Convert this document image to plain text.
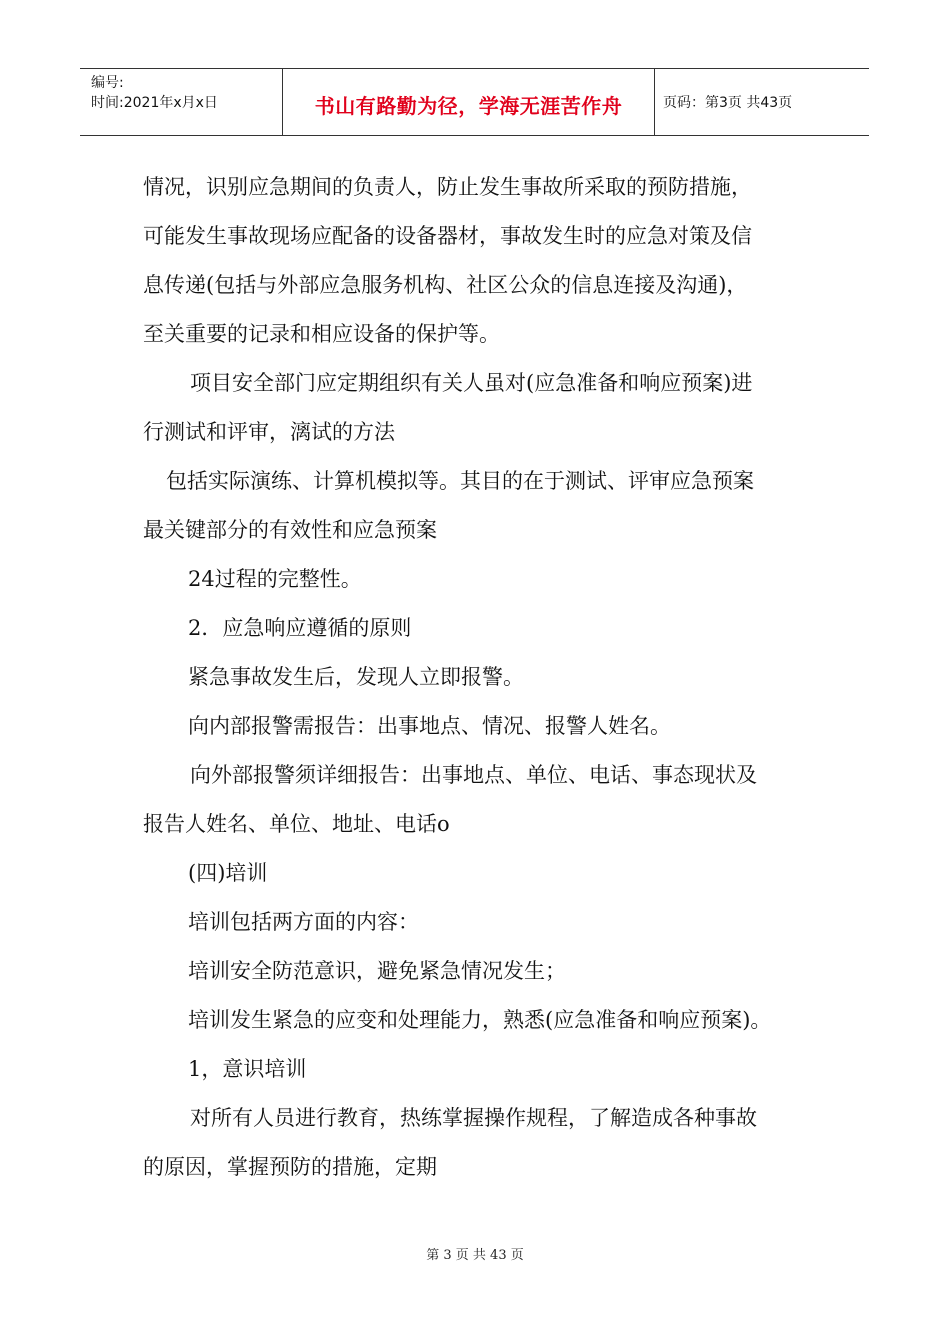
编号:
时间:2021年x月x日	书山有路勤为径，学海无涯苦作舟	页码：第3页 共43页
情况，识别应急期间的负责人，防止发生事故所采取的预防措施，
可能发生事故现场应配备的设备器材，事故发生时的应急对策及信
息传递(包括与外部应急服务机构、社区公众的信息连接及沟通)，
至关重要的记录和相应设备的保护等。
项目安全部门应定期组织有关人虽对(应急准备和响应预案)进
行测试和评审，漓试的方法
包括实际演练、计算机模拟等。其目的在于测试、评审应急预案
最关键部分的有效性和应急预案
24过程的完整性。
2．应急响应遵循的原则
紧急事故发生后，发现人立即报警。
向内部报警需报告：出事地点、情况、报警人姓名。
向外部报警须详细报告：出事地点、单位、电话、事态现状及
报告人姓名、单位、地址、电话o
(四)培训
培训包括两方面的内容：
培训安全防范意识，避免紧急情况发生；
培训发生紧急的应变和处理能力，熟悉(应急准备和响应预案)。
1，意识培训
对所有人员进行教育，热练掌握操作规程，了解造成各种事故
的原因，掌握预防的措施，定期
第 3 页 共 43 页
